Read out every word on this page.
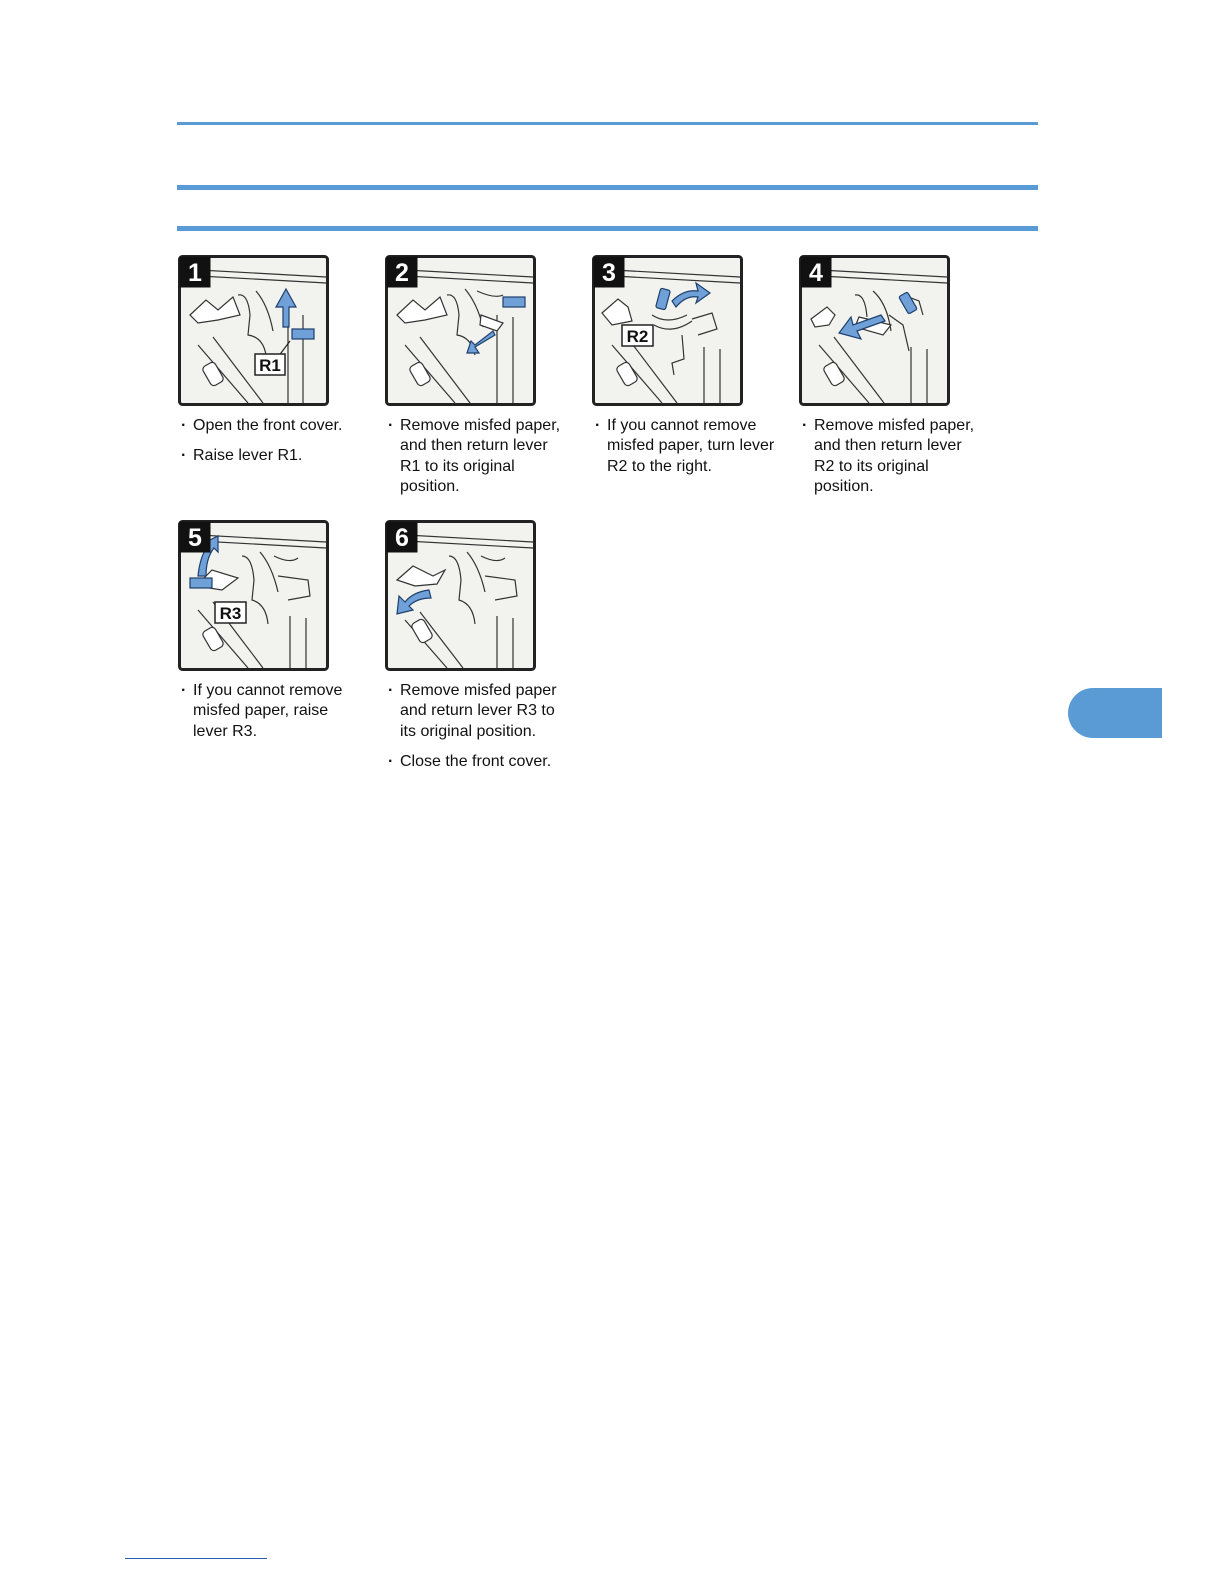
R1
1
· Open the front cover.
· Raise lever R1.
2
· Remove misfed paper, and then return lever R1 to its original position.
R2
3
· If you cannot remove misfed paper, turn lever R2 to the right.
4
· Remove misfed paper, and then return lever R2 to its original position.
R3
5
· If you cannot remove misfed paper, raise lever R3.
6
· Remove misfed paper and return lever R3 to its original position.
· Close the front cover.
